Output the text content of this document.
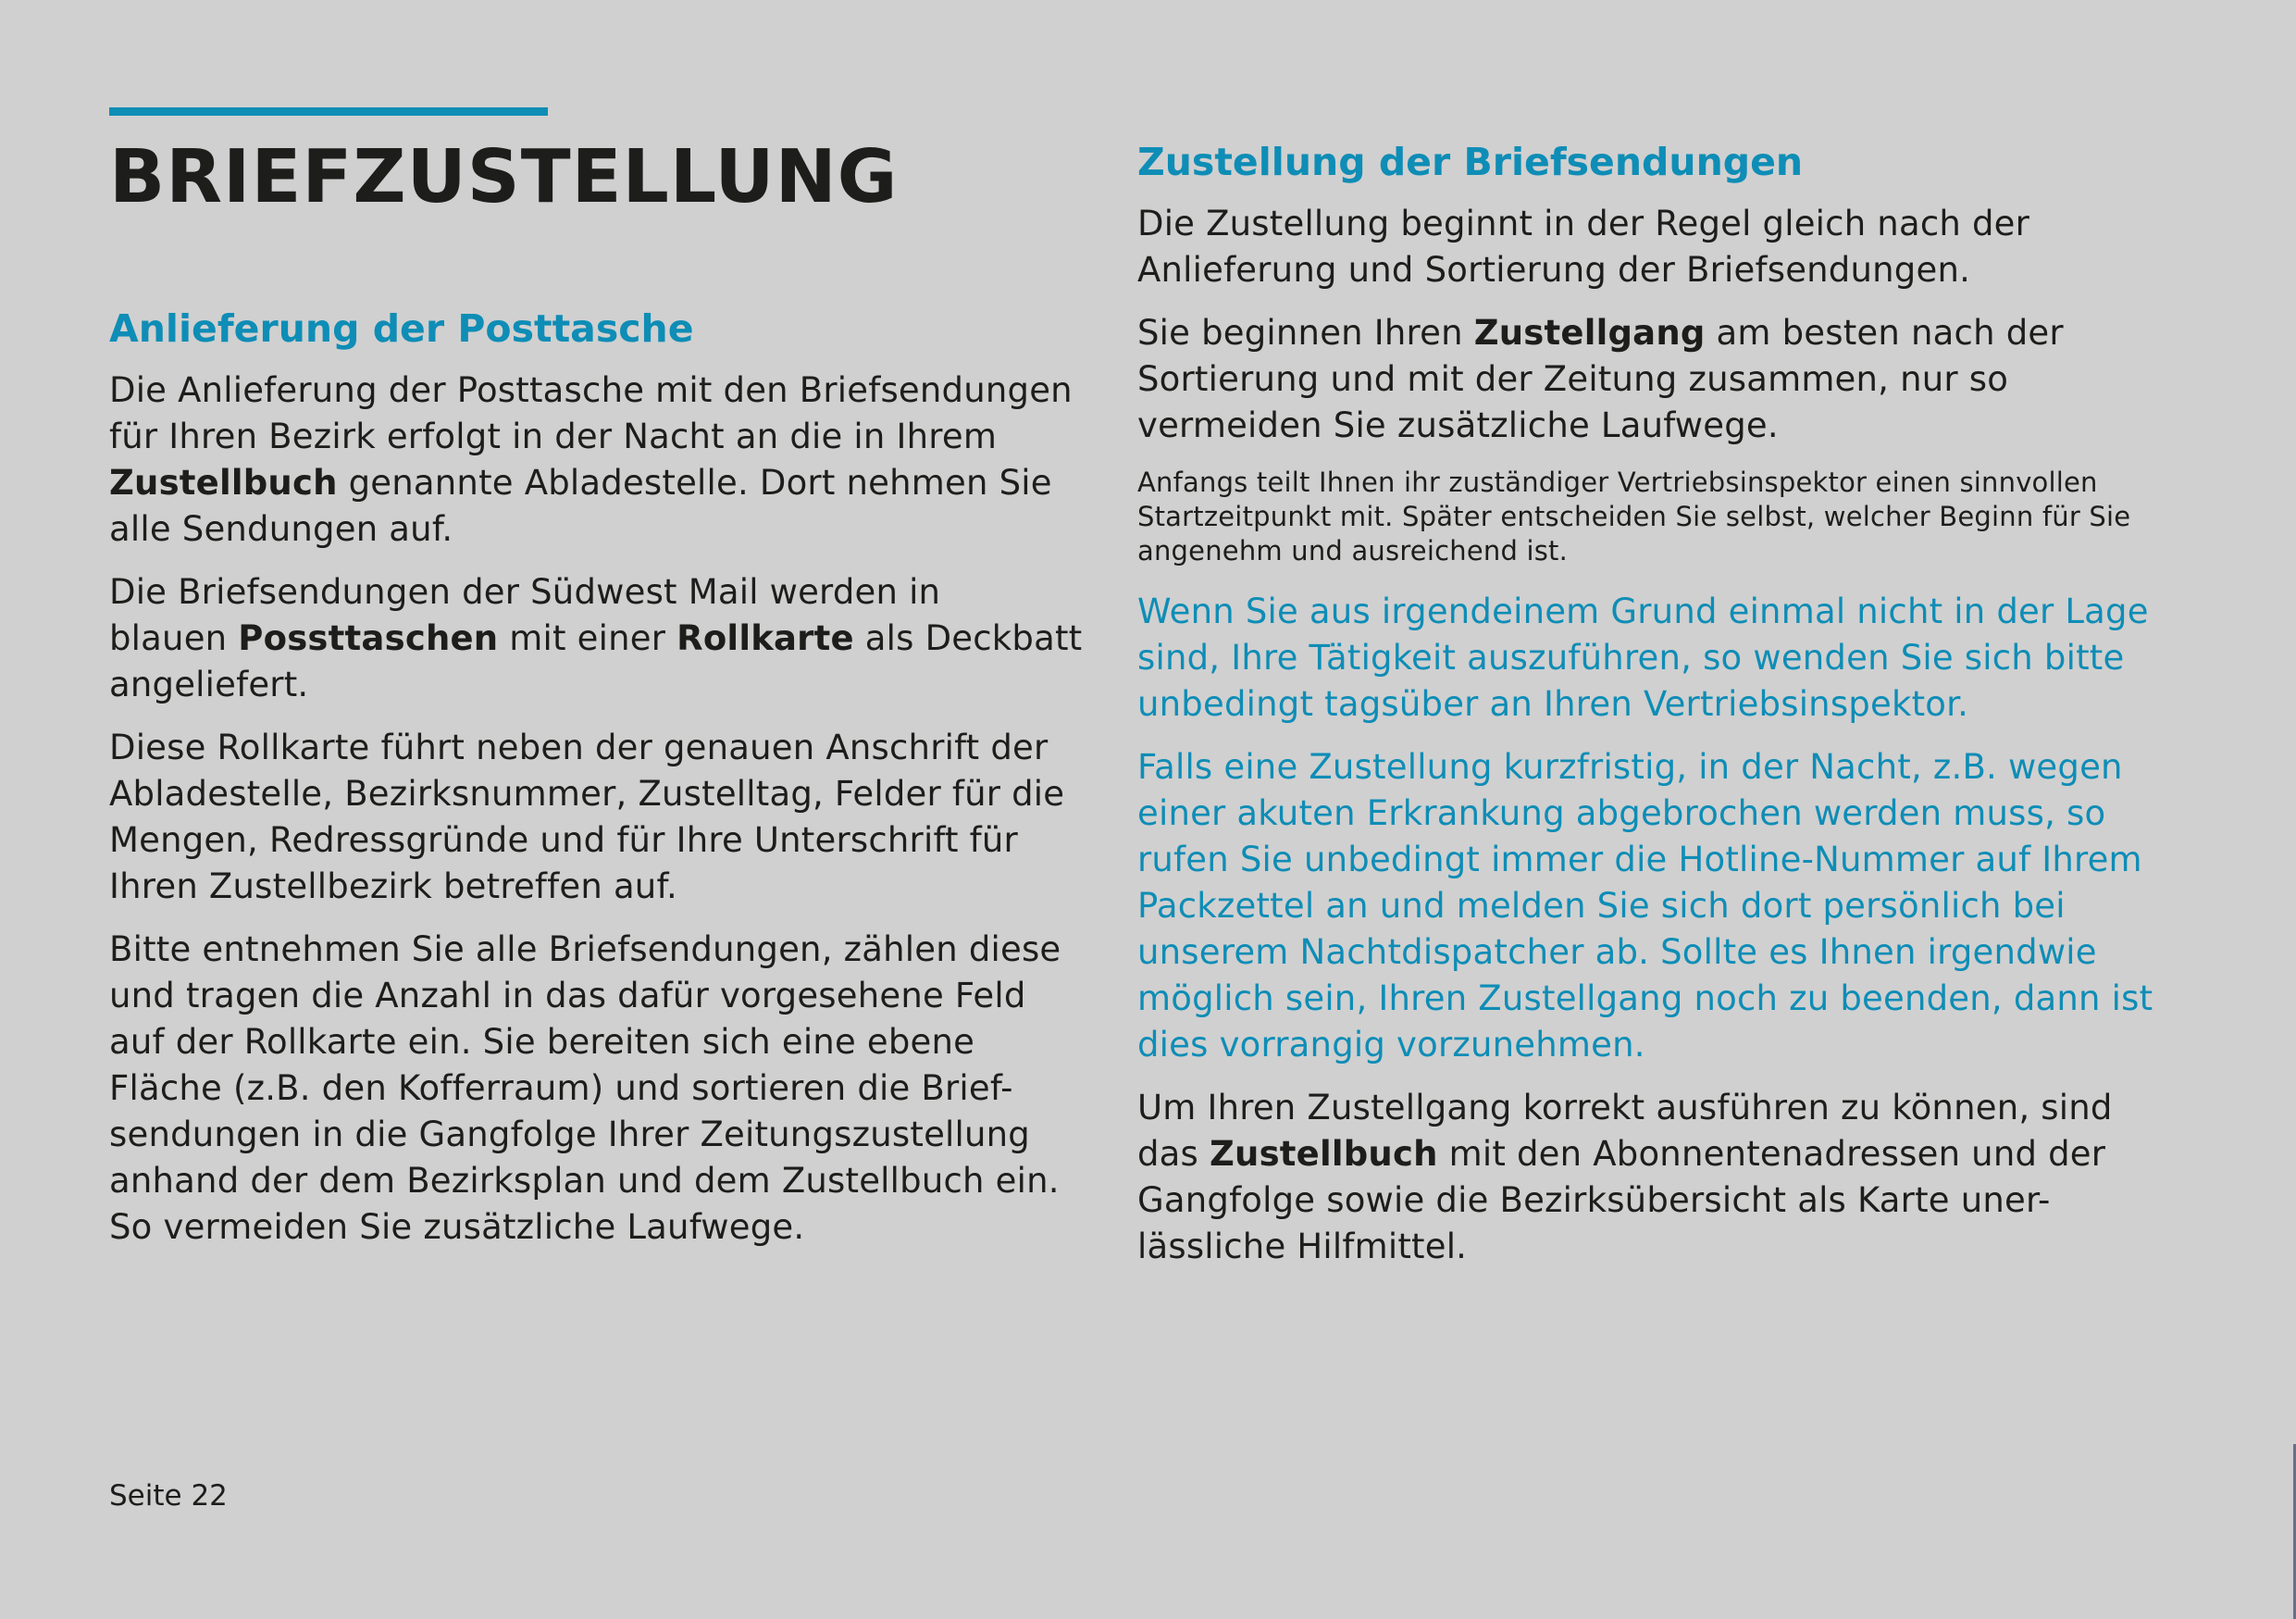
BRIEFZUSTELLUNG
Anlieferung der Posttasche

Die Anlieferung der Posttasche mit den Briefsendungen
für Ihren Bezirk erfolgt in der Nacht an die in Ihrem
Zustellbuch genannte Abladestelle. Dort nehmen Sie
alle Sendungen auf.

Die Briefsendungen der Südwest Mail werden in
blauen Possttaschen mit einer Rollkarte als Deckbatt
angeliefert.

Diese Rollkarte führt neben der genauen Anschrift der
Abladestelle, Bezirksnummer, Zustelltag, Felder für die
Mengen, Redressgründe und für Ihre Unterschrift für
Ihren Zustellbezirk betreffen auf.

Bitte entnehmen Sie alle Briefsendungen, zählen diese
und tragen die Anzahl in das dafür vorgesehene Feld
auf der Rollkarte ein. Sie bereiten sich eine ebene
Fläche (z.B. den Kofferraum) und sortieren die Brief-
sendungen in die Gangfolge Ihrer Zeitungszustellung
anhand der dem Bezirksplan und dem Zustellbuch ein.
So vermeiden Sie zusätzliche Laufwege.

Zustellung der Briefsendungen

Die Zustellung beginnt in der Regel gleich nach der
Anlieferung und Sortierung der Briefsendungen.

Sie beginnen Ihren Zustellgang am besten nach der
Sortierung und mit der Zeitung zusammen, nur so
vermeiden Sie zusätzliche Laufwege.

Anfangs teilt Ihnen ihr zuständiger Vertriebsinspektor einen sinnvollen
Startzeitpunkt mit. Später entscheiden Sie selbst, welcher Beginn für Sie
angenehm und ausreichend ist.

Wenn Sie aus irgendeinem Grund einmal nicht in der Lage
sind, Ihre Tätigkeit auszuführen, so wenden Sie sich bitte
unbedingt tagsüber an Ihren Vertriebsinspektor.

Falls eine Zustellung kurzfristig, in der Nacht, z.B. wegen
einer akuten Erkrankung abgebrochen werden muss, so
rufen Sie unbedingt immer die Hotline-Nummer auf Ihrem
Packzettel an und melden Sie sich dort persönlich bei
unserem Nachtdispatcher ab. Sollte es Ihnen irgendwie
möglich sein, Ihren Zustellgang noch zu beenden, dann ist
dies vorrangig vorzunehmen.

Um Ihren Zustellgang korrekt ausführen zu können, sind
das Zustellbuch mit den Abonnentenadressen und der
Gangfolge sowie die Bezirksübersicht als Karte uner-
lässliche Hilfmittel.

Seite 22
